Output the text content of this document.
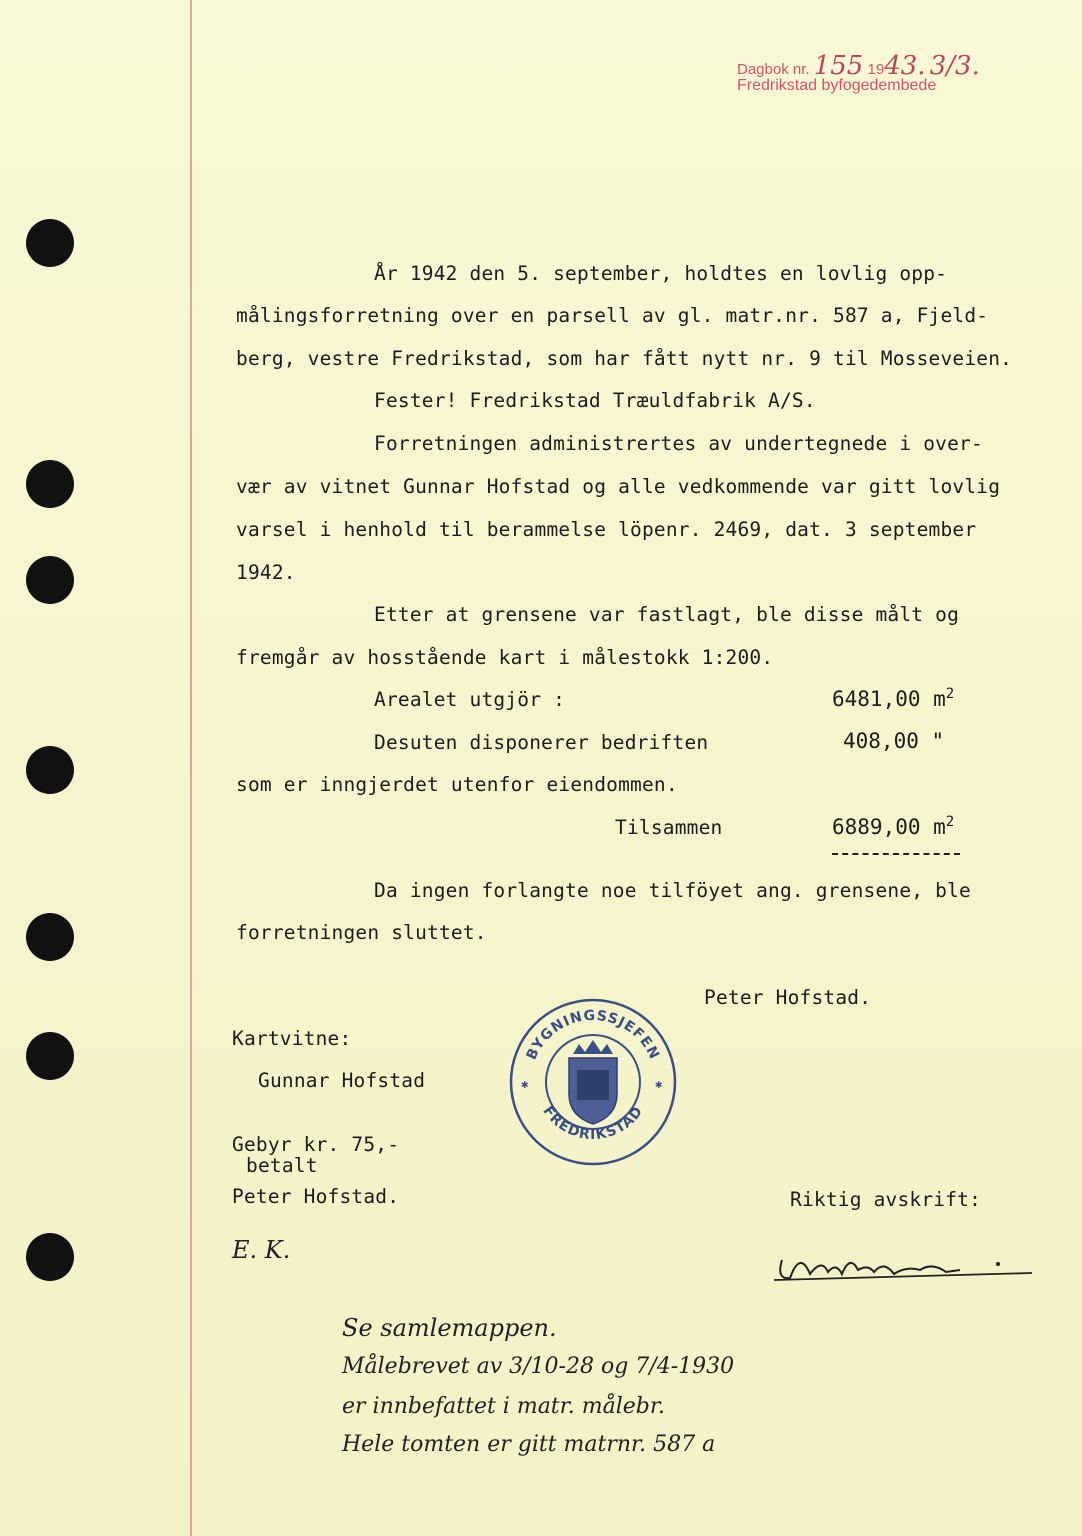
Dagbok nr. 155 1943. 3/3.
Fredrikstad byfogedembede
År 1942 den 5. september, holdtes en lovlig opp-
målingsforretning over en parsell av gl. matr.nr. 587 a, Fjeld-
berg, vestre Fredrikstad, som har fått nytt nr. 9 til Mosseveien.
Fester! Fredrikstad Træuldfabrik A/S.
Forretningen administrertes av undertegnede i over-
vær av vitnet Gunnar Hofstad og alle vedkommende var gitt lovlig
varsel i henhold til berammelse löpenr. 2469, dat. 3 september
1942.
Etter at grensene var fastlagt, ble disse målt og
fremgår av hosstående kart i målestokk 1:200.
Arealet utgjör :	6481,00 $m^2$
Desuten disponerer bedriften	408,00 "
som er inngjerdet utenfor eiendommen.
Tilsammen	6889,00 $m^2$
Da ingen forlangte noe tilföyet ang. grensene, ble
forretningen sluttet.
Peter Hofstad.
Kartvitne:
Gunnar Hofstad
Gebyr kr. 75,-
betalt
Peter Hofstad.	Riktig avskrift:
BYGNINGSSJEFEN
FREDRIKSTAD
✱	✱
E. K.
Se samlemappen.
Målebrevet av 3/10-28 og 7/4-1930
er innbefattet i matr. målebr.
Hele tomten er gitt matrnr. 587 a
